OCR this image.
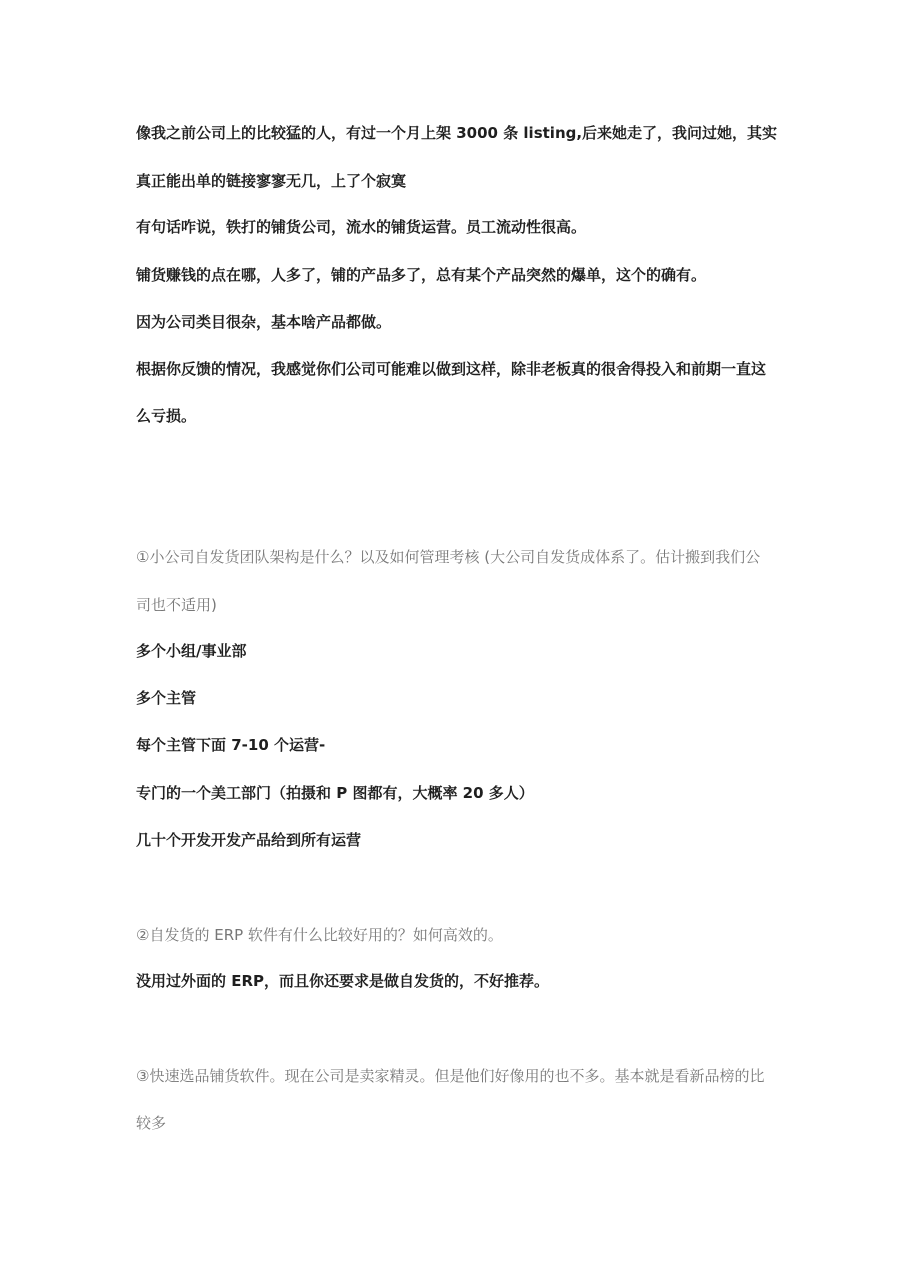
像我之前公司上的比较猛的人，有过一个月上架 3000 条 listing,后来她走了，我问过她，其实
真正能出单的链接寥寥无几，上了个寂寞
有句话咋说，铁打的铺货公司，流水的铺货运营。员工流动性很高。
铺货赚钱的点在哪，人多了，铺的产品多了，总有某个产品突然的爆单，这个的确有。
因为公司类目很杂，基本啥产品都做。
根据你反馈的情况，我感觉你们公司可能难以做到这样，除非老板真的很舍得投入和前期一直这
么亏损。
①小公司自发货团队架构是什么？以及如何管理考核 (大公司自发货成体系了。估计搬到我们公
司也不适用)
多个小组/事业部
多个主管
每个主管下面 7-10 个运营-
专门的一个美工部门（拍摄和 P 图都有，大概率 20 多人）
几十个开发开发产品给到所有运营
②自发货的 ERP 软件有什么比较好用的？如何高效的。
没用过外面的 ERP，而且你还要求是做自发货的，不好推荐。
③快速选品铺货软件。现在公司是卖家精灵。但是他们好像用的也不多。基本就是看新品榜的比
较多
